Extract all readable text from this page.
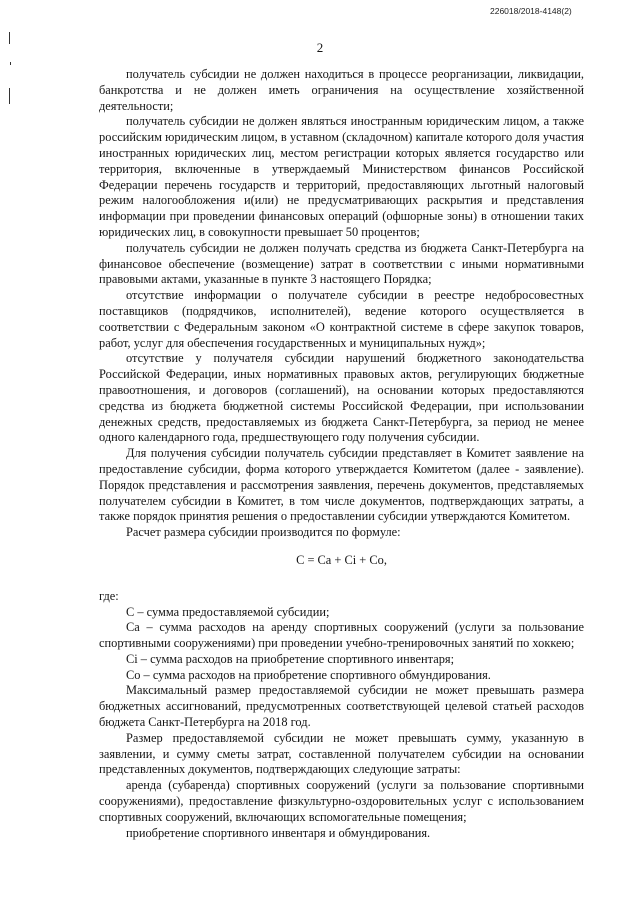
226018/2018-4148(2)
2

получатель субсидии не должен находиться в процессе реорганизации, ликвидации, банкротства и не должен иметь ограничения на осуществление хозяйственной деятельности;

получатель субсидии не должен являться иностранным юридическим лицом, а также российским юридическим лицом, в уставном (складочном) капитале которого доля участия иностранных юридических лиц, местом регистрации которых является государство или территория, включенные в утверждаемый Министерством финансов Российской Федерации перечень государств и территорий, предоставляющих льготный налоговый режим налогообложения и(или) не предусматривающих раскрытия и представления информации при проведении финансовых операций (офшорные зоны) в отношении таких юридических лиц, в совокупности превышает 50 процентов;

получатель субсидии не должен получать средства из бюджета Санкт-Петербурга на финансовое обеспечение (возмещение) затрат в соответствии с иными нормативными правовыми актами, указанные в пункте 3 настоящего Порядка;

отсутствие информации о получателе субсидии в реестре недобросовестных поставщиков (подрядчиков, исполнителей), ведение которого осуществляется в соответствии с Федеральным законом «О контрактной системе в сфере закупок товаров, работ, услуг для обеспечения государственных и муниципальных нужд»;

отсутствие у получателя субсидии нарушений бюджетного законодательства Российской Федерации, иных нормативных правовых актов, регулирующих бюджетные правоотношения, и договоров (соглашений), на основании которых предоставляются средства из бюджета бюджетной системы Российской Федерации, при использовании денежных средств, предоставляемых из бюджета Санкт-Петербурга, за период не менее одного календарного года, предшествующего году получения субсидии.

Для получения субсидии получатель субсидии представляет в Комитет заявление на предоставление субсидии, форма которого утверждается Комитетом (далее - заявление). Порядок представления и рассмотрения заявления, перечень документов, представляемых получателем субсидии в Комитет, в том числе документов, подтверждающих затраты, а также порядок принятия решения о предоставлении субсидии утверждаются Комитетом.

Расчет размера субсидии производится по формуле:

С = Са + Сi + Со,

где:

С – сумма предоставляемой субсидии;

Са – сумма расходов на аренду спортивных сооружений (услуги за пользование спортивными сооружениями) при проведении учебно-тренировочных занятий по хоккею;

Сi – сумма расходов на приобретение спортивного инвентаря;

Со – сумма расходов на приобретение спортивного обмундирования.

Максимальный размер предоставляемой субсидии не может превышать размера бюджетных ассигнований, предусмотренных соответствующей целевой статьей расходов бюджета Санкт-Петербурга на 2018 год.

Размер предоставляемой субсидии не может превышать сумму, указанную в заявлении, и сумму сметы затрат, составленной получателем субсидии на основании представленных документов, подтверждающих следующие затраты:

аренда (субаренда) спортивных сооружений (услуги за пользование спортивными сооружениями), предоставление физкультурно-оздоровительных услуг с использованием спортивных сооружений, включающих вспомогательные помещения;

приобретение спортивного инвентаря и обмундирования.
